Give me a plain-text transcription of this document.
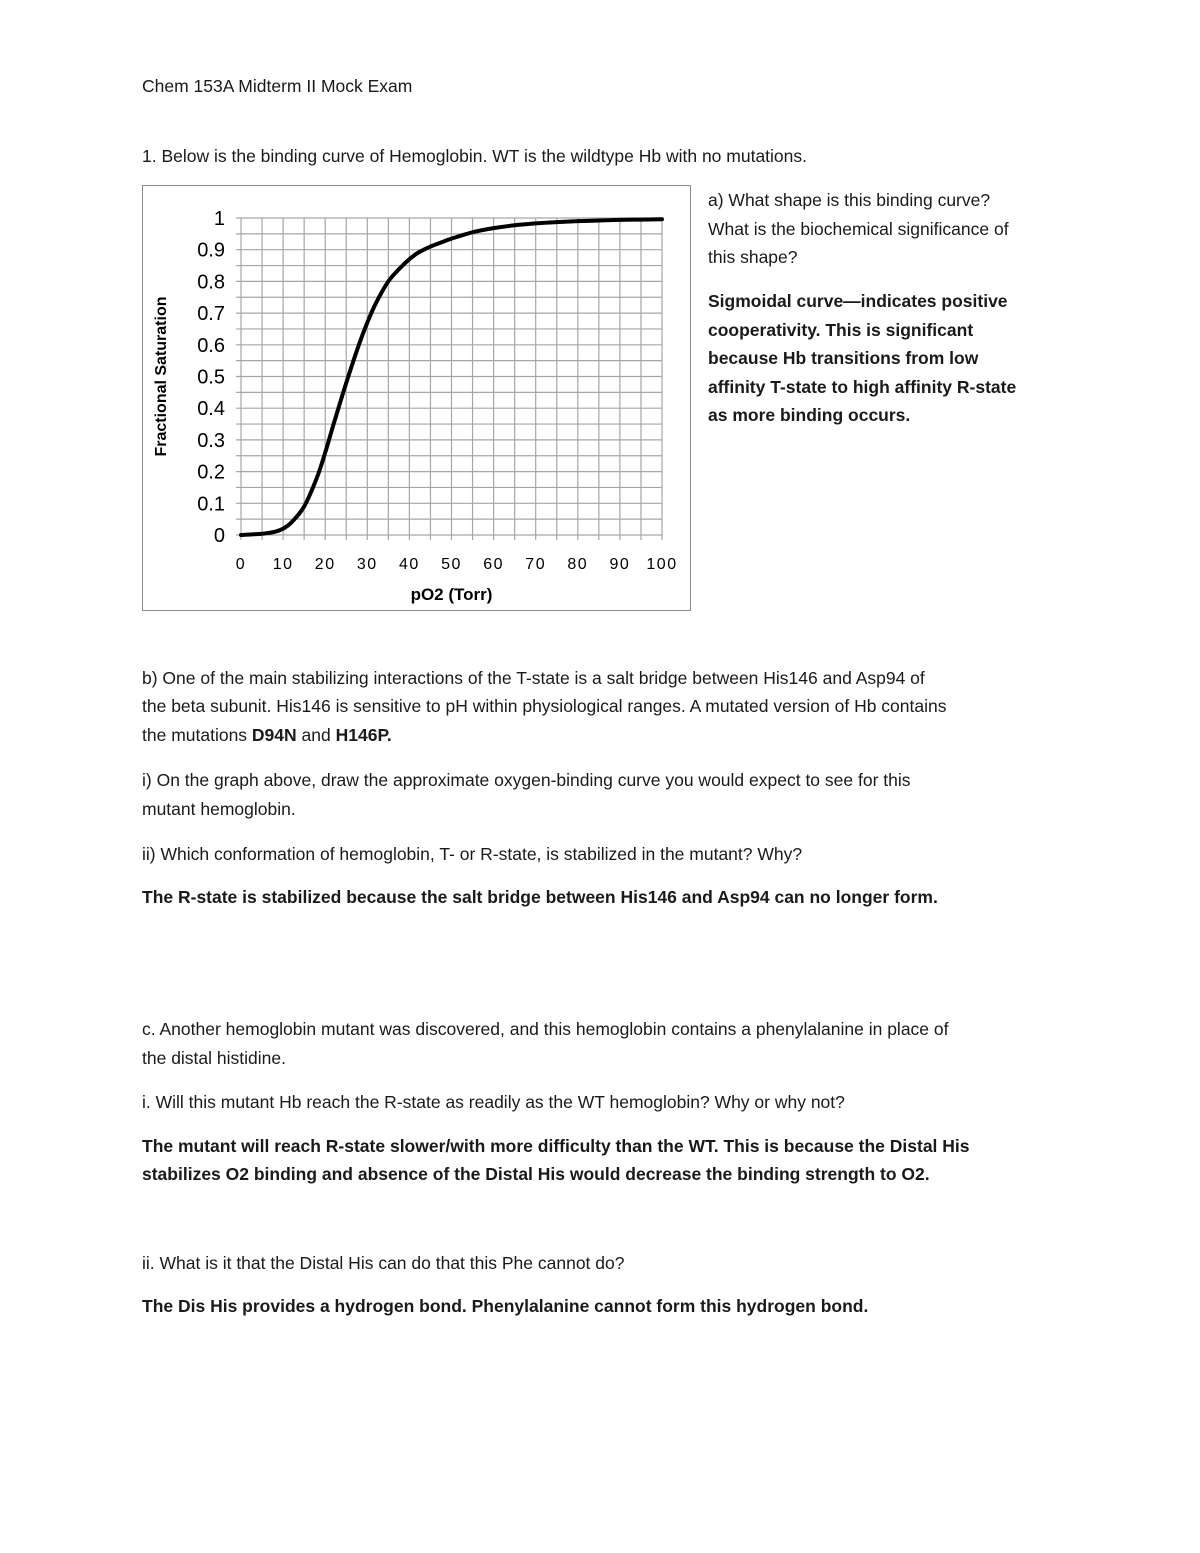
Chem 153A Midterm II Mock Exam
1. Below is the binding curve of Hemoglobin. WT is the wildtype Hb with no mutations.
0
0.1
0.2
0.3
0.4
0.5
0.6
0.7
0.8
0.9
1
0 10 20 30 40 50 60 70 80 90 100
Fractional Saturation
pO2 (Torr)
a) What shape is this binding curve?
What is the biochemical significance of
this shape?
Sigmoidal curve—indicates positive
cooperativity. This is significant
because Hb transitions from low
affinity T-state to high affinity R-state
as more binding occurs.
b) One of the main stabilizing interactions of the T-state is a salt bridge between His146 and Asp94 of
the beta subunit. His146 is sensitive to pH within physiological ranges. A mutated version of Hb contains
the mutations D94N and H146P.
i) On the graph above, draw the approximate oxygen-binding curve you would expect to see for this
mutant hemoglobin.
ii) Which conformation of hemoglobin, T- or R-state, is stabilized in the mutant? Why?
The R-state is stabilized because the salt bridge between His146 and Asp94 can no longer form.
c. Another hemoglobin mutant was discovered, and this hemoglobin contains a phenylalanine in place of
the distal histidine.
i. Will this mutant Hb reach the R-state as readily as the WT hemoglobin? Why or why not?
The mutant will reach R-state slower/with more difficulty than the WT. This is because the Distal His
stabilizes O2 binding and absence of the Distal His would decrease the binding strength to O2.
ii. What is it that the Distal His can do that this Phe cannot do?
The Dis His provides a hydrogen bond. Phenylalanine cannot form this hydrogen bond.
